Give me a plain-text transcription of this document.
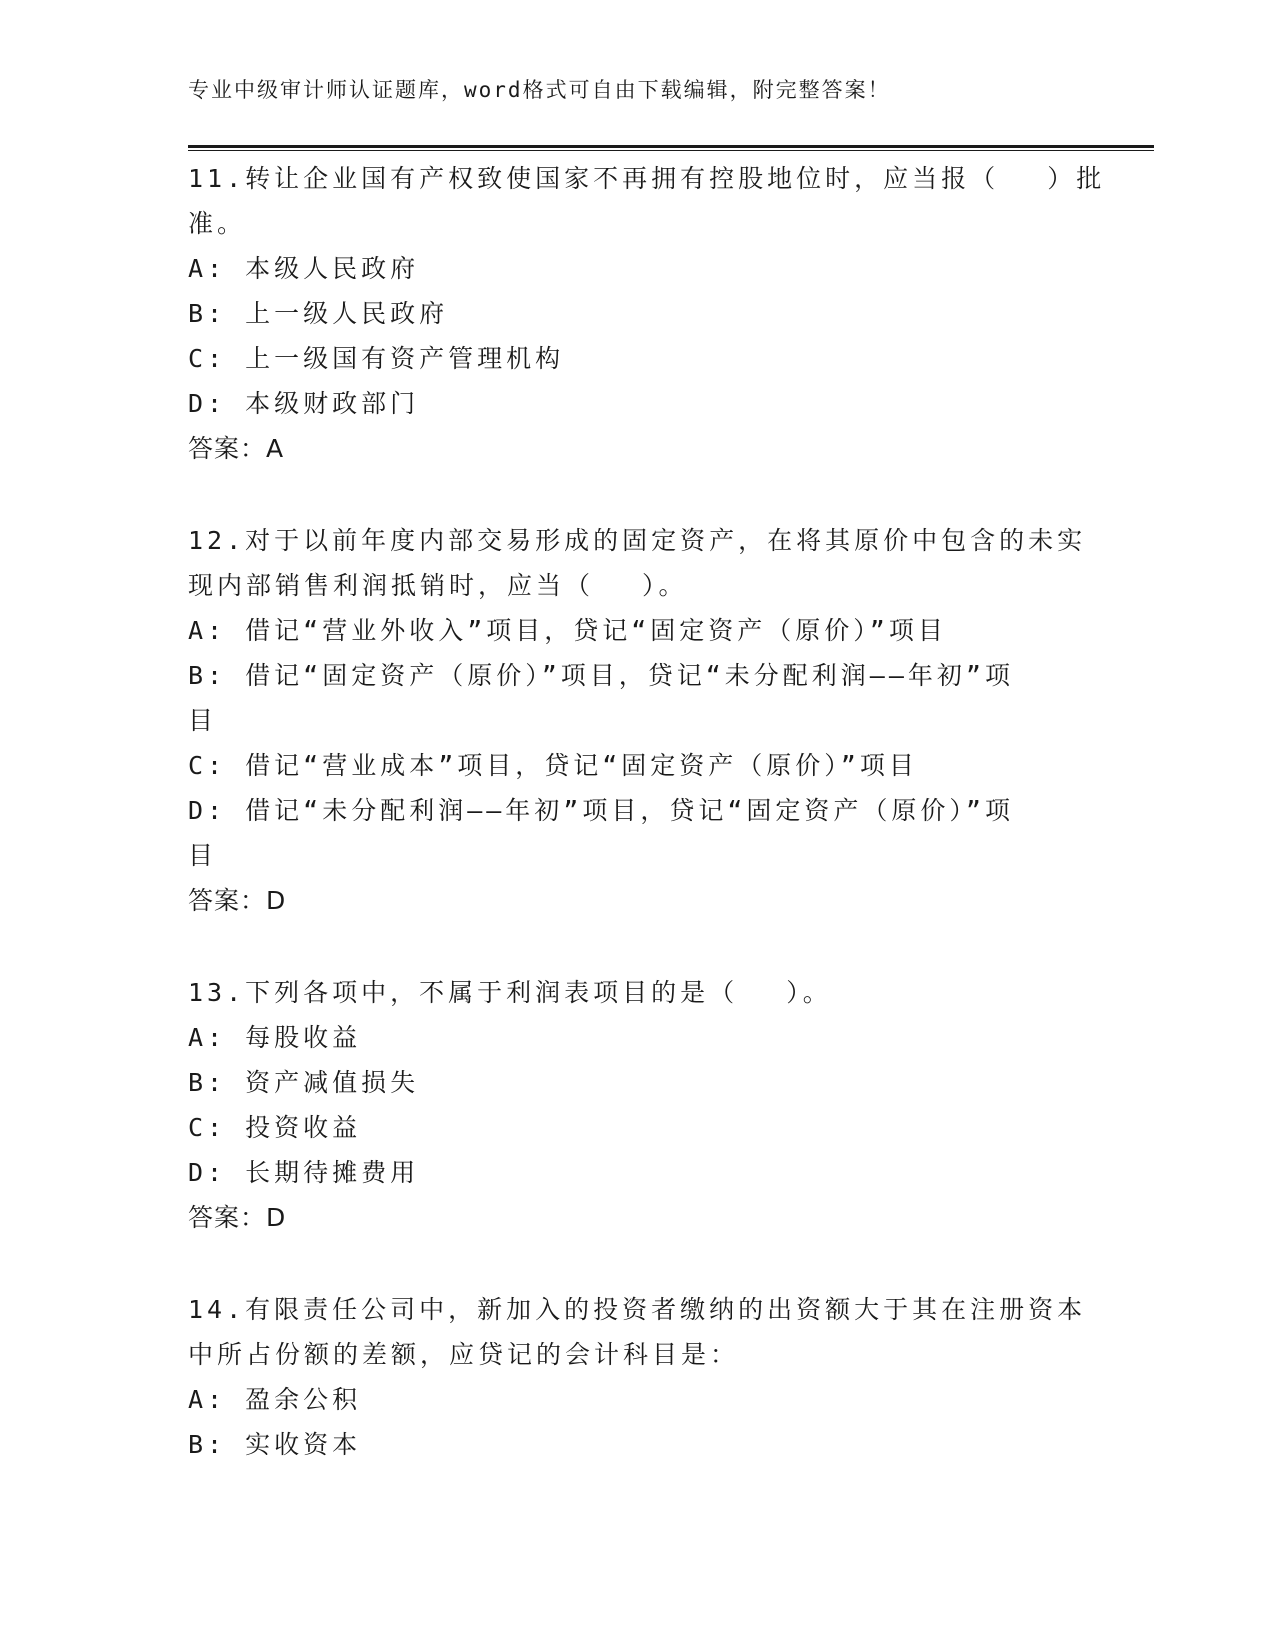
专业中级审计师认证题库，word格式可自由下载编辑，附完整答案！
11.转让企业国有产权致使国家不再拥有控股地位时，应当报（　 ）批
准。
A: 本级人民政府
B: 上一级人民政府
C: 上一级国有资产管理机构
D: 本级财政部门
答案：A
12.对于以前年度内部交易形成的固定资产，在将其原价中包含的未实
现内部销售利润抵销时，应当（　 ）。
A: 借记“营业外收入”项目，贷记“固定资产（原价）”项目
B: 借记“固定资产（原价）”项目，贷记“未分配利润——年初”项
目
C: 借记“营业成本”项目，贷记“固定资产（原价）”项目
D: 借记“未分配利润——年初”项目，贷记“固定资产（原价）”项
目
答案：D
13.下列各项中，不属于利润表项目的是（　 ）。
A: 每股收益
B: 资产减值损失
C: 投资收益
D: 长期待摊费用
答案：D
14.有限责任公司中，新加入的投资者缴纳的出资额大于其在注册资本
中所占份额的差额，应贷记的会计科目是：
A: 盈余公积
B: 实收资本
